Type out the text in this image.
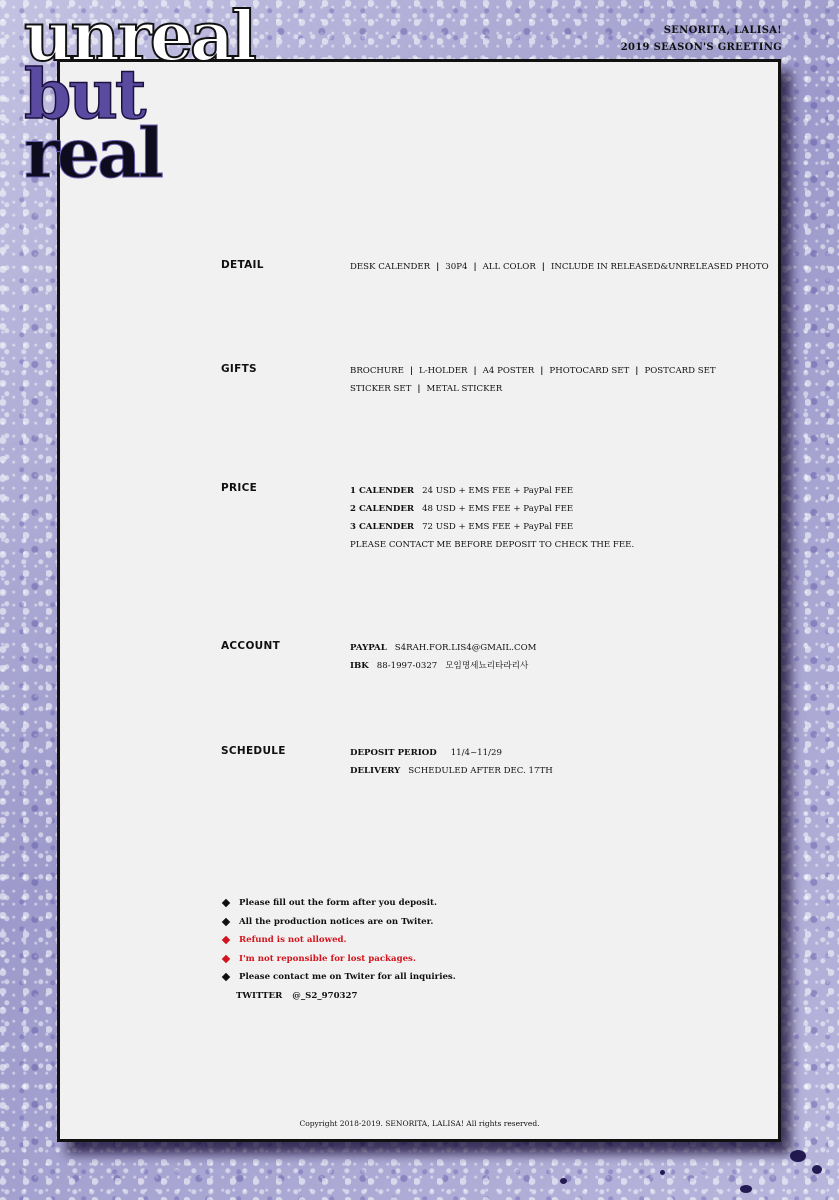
unreal
but
real
SENORITA, LALISA!
2019 SEASON'S GREETING
DETAIL	DESK CALENDER | 30P4 | ALL COLOR | INCLUDE IN RELEASED&UNRELEASED PHOTO
GIFTS	BROCHURE | L-HOLDER | A4 POSTER | PHOTOCARD SET | POSTCARD SET
STICKER SET | METAL STICKER
PRICE	1 CALENDER 24 USD + EMS FEE + PayPal FEE
2 CALENDER 48 USD + EMS FEE + PayPal FEE
3 CALENDER 72 USD + EMS FEE + PayPal FEE
PLEASE CONTACT ME BEFORE DEPOSIT TO CHECK THE FEE.
ACCOUNT	PAYPAL S4RAH.FOR.LIS4@GMAIL.COM
IBK 88-1997-0327 모임명세뇨리타라리사
SCHEDULE	DEPOSIT PERIOD 11/4~11/29
DELIVERY SCHEDULED AFTER DEC. 17TH
Please fill out the form after you deposit.
All the production notices are on Twiter.
Refund is not allowed.
I'm not reponsible for lost packages.
Please contact me on Twiter for all inquiries.
TWITTER @_S2_970327
Copyright 2018-2019. SENORITA, LALISA! All rights reserved.
